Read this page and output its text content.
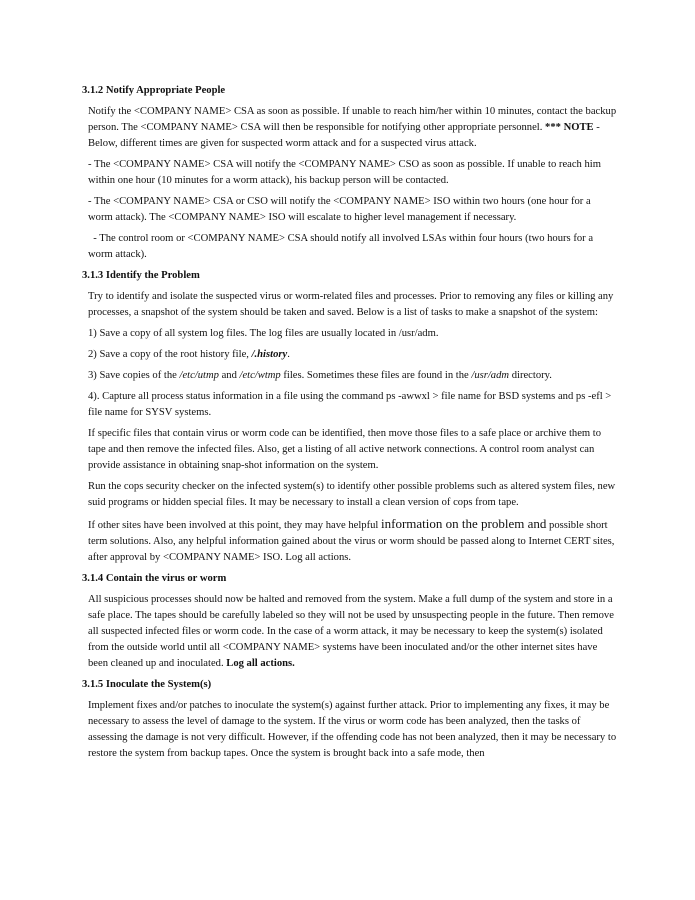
3.1.2 Notify Appropriate People

Notify the <COMPANY NAME> CSA as soon as possible. If unable to reach him/her within 10 minutes, contact the backup person. The <COMPANY NAME> CSA will then be responsible for notifying other appropriate personnel. *** NOTE - Below, different times are given for suspected worm attack and for a suspected virus attack.

- The <COMPANY NAME> CSA will notify the <COMPANY NAME> CSO as soon as possible. If unable to reach him within one hour (10 minutes for a worm attack), his backup person will be contacted.

- The <COMPANY NAME> CSA or CSO will notify the <COMPANY NAME> ISO within two hours (one hour for a worm attack). The <COMPANY NAME> ISO will escalate to higher level management if necessary.

- The control room or <COMPANY NAME> CSA should notify all involved LSAs within four hours (two hours for a worm attack).

3.1.3 Identify the Problem

Try to identify and isolate the suspected virus or worm-related files and processes. Prior to removing any files or killing any processes, a snapshot of the system should be taken and saved. Below is a list of tasks to make a snapshot of the system:

1) Save a copy of all system log files. The log files are usually located in /usr/adm.

2) Save a copy of the root history file, /.history.

3) Save copies of the /etc/utmp and /etc/wtmp files. Sometimes these files are found in the /usr/adm directory.

4). Capture all process status information in a file using the command ps -awwxl > file name for BSD systems and ps -efl > file name for SYSV systems.

If specific files that contain virus or worm code can be identified, then move those files to a safe place or archive them to tape and then remove the infected files. Also, get a listing of all active network connections. A control room analyst can provide assistance in obtaining snap-shot information on the system.

Run the cops security checker on the infected system(s) to identify other possible problems such as altered system files, new suid programs or hidden special files. It may be necessary to install a clean version of cops from tape.

If other sites have been involved at this point, they may have helpful information on the problem and possible short term solutions. Also, any helpful information gained about the virus or worm should be passed along to Internet CERT sites, after approval by <COMPANY NAME> ISO. Log all actions.

3.1.4 Contain the virus or worm

All suspicious processes should now be halted and removed from the system. Make a full dump of the system and store in a safe place. The tapes should be carefully labeled so they will not be used by unsuspecting people in the future. Then remove all suspected infected files or worm code. In the case of a worm attack, it may be necessary to keep the system(s) isolated from the outside world until all <COMPANY NAME> systems have been inoculated and/or the other internet sites have been cleaned up and inoculated. Log all actions.

3.1.5 Inoculate the System(s)

Implement fixes and/or patches to inoculate the system(s) against further attack. Prior to implementing any fixes, it may be necessary to assess the level of damage to the system. If the virus or worm code has been analyzed, then the tasks of assessing the damage is not very difficult. However, if the offending code has not been analyzed, then it may be necessary to restore the system from backup tapes. Once the system is brought back into a safe mode, then
